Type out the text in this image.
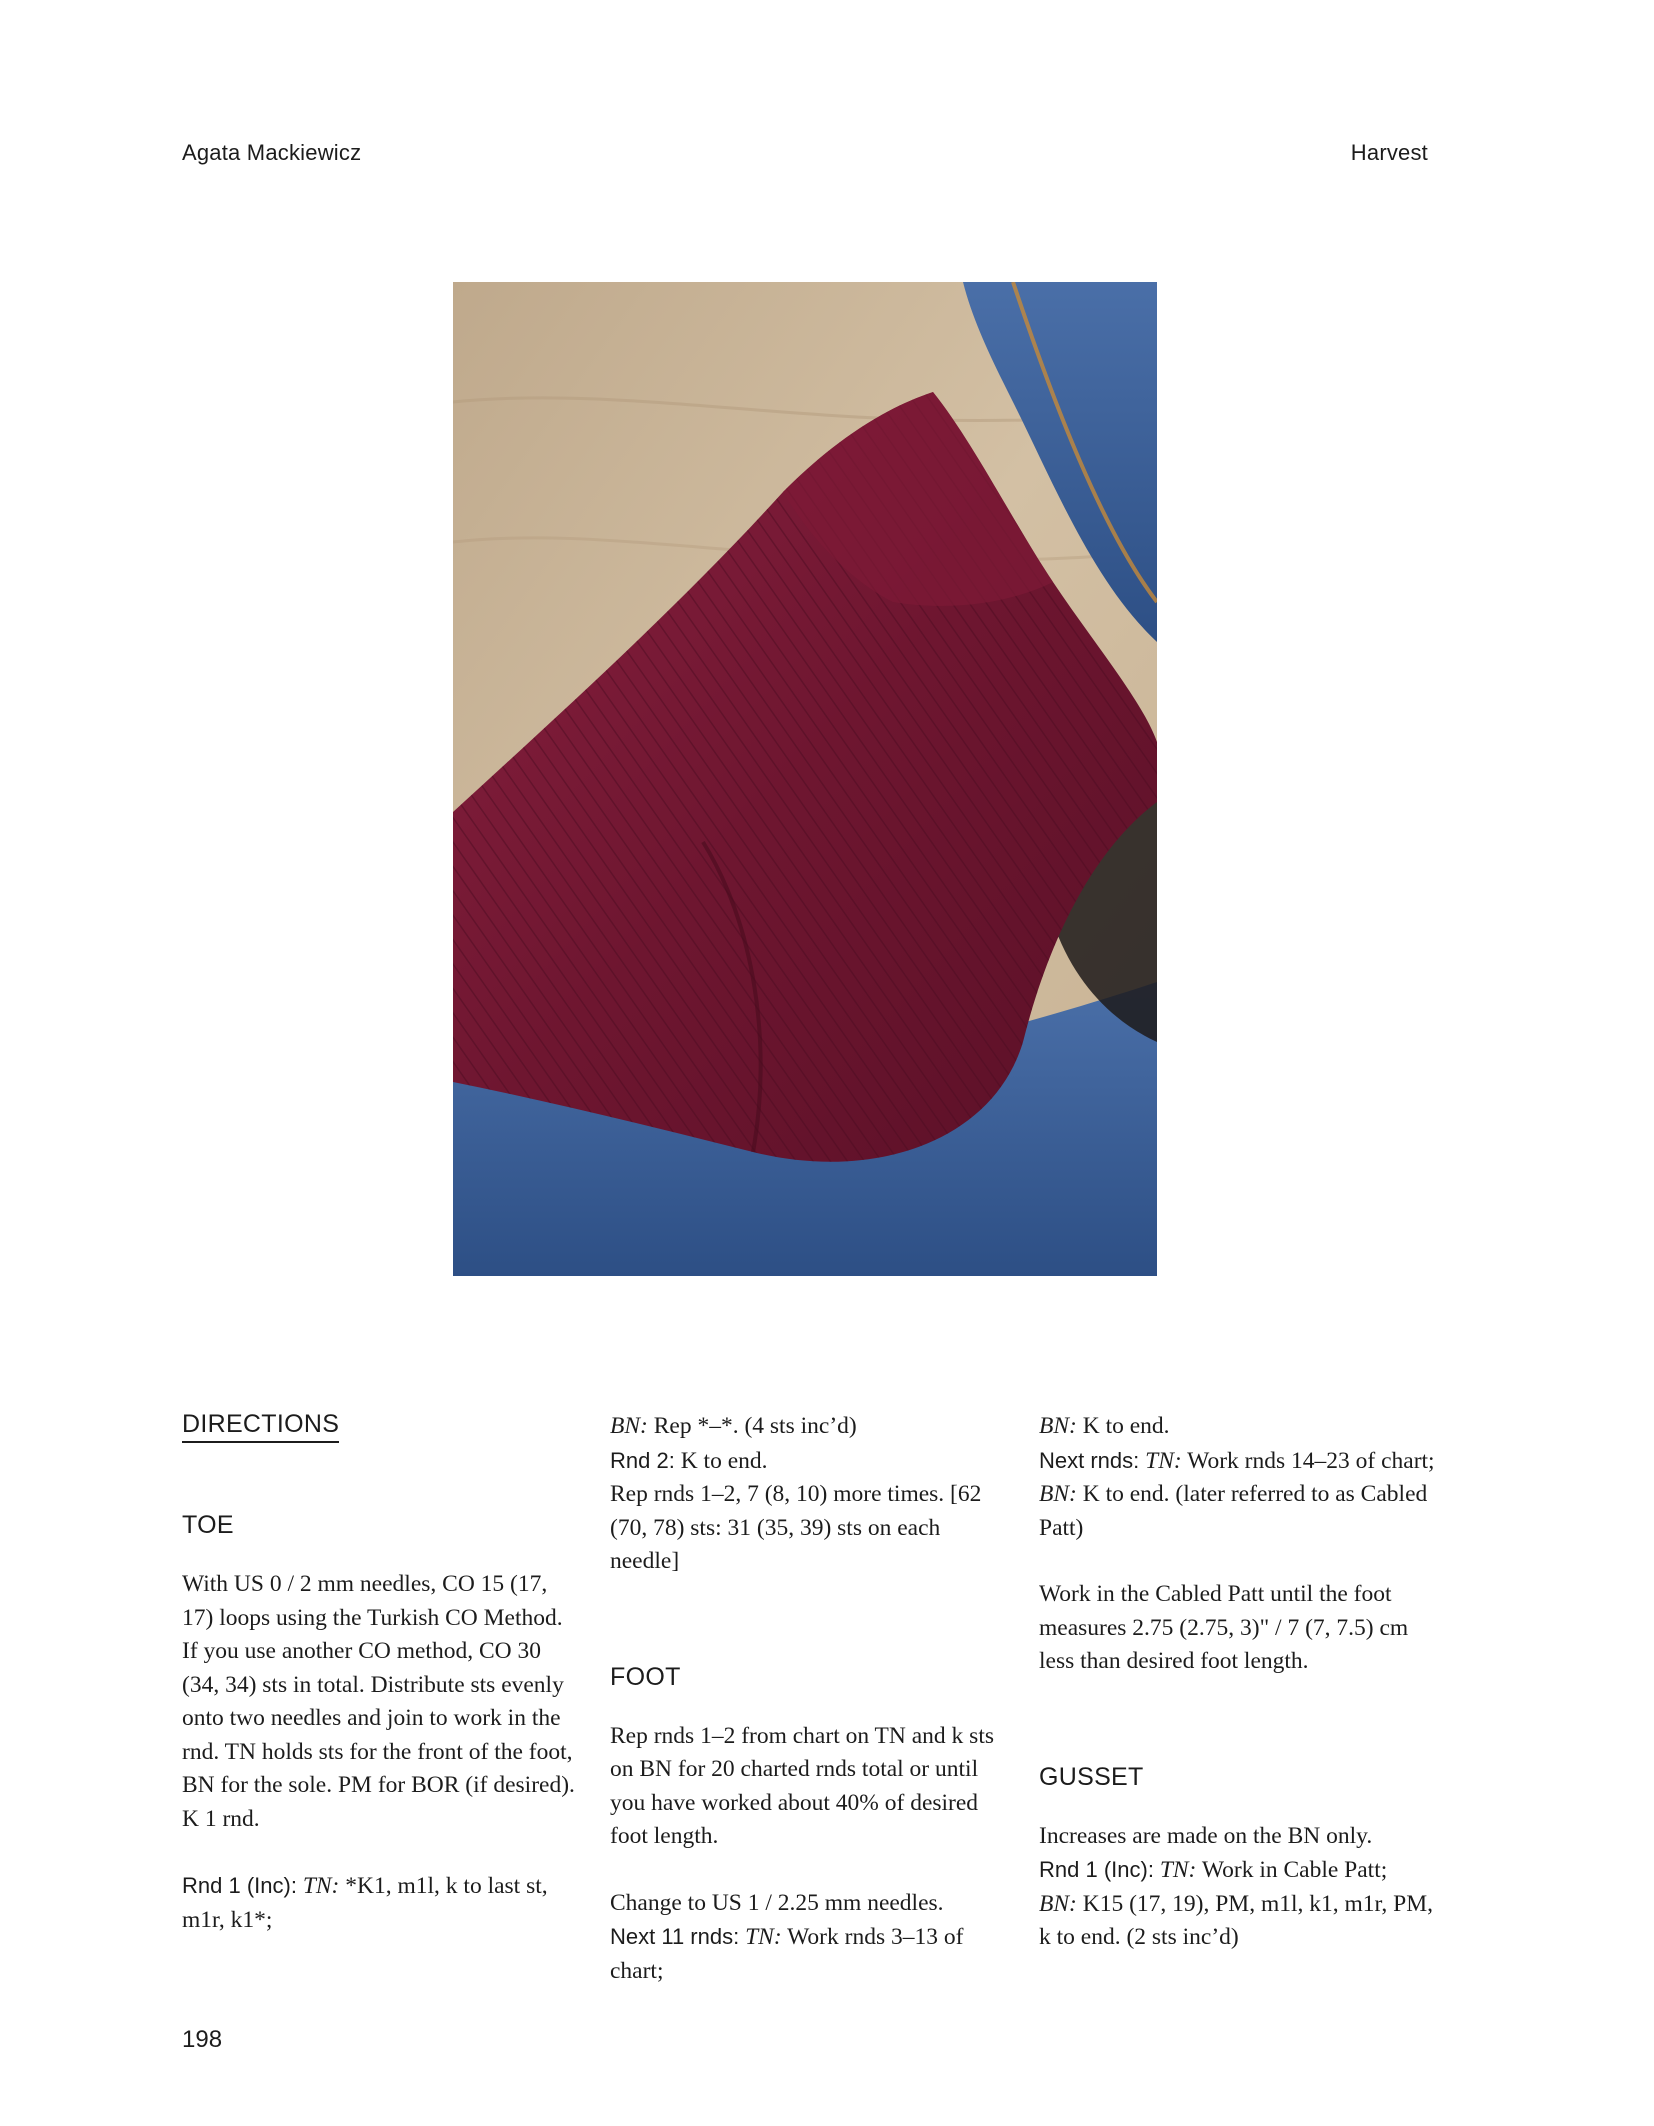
Agata Mackiewicz	Harvest
DIRECTIONS
TOE

With US 0 / 2 mm needles, CO 15 (17, 17) loops using the Turkish CO Method. If you use another CO method, CO 30 (34, 34) sts in total. Distribute sts evenly onto two needles and join to work in the rnd. TN holds sts for the front of the foot, BN for the sole. PM for BOR (if desired).

K 1 rnd.

Rnd 1 (Inc): TN: *K1, m1l, k to last st, m1r, k1*;

BN: Rep *–*. (4 sts inc’d)

Rnd 2: K to end.

Rep rnds 1–2, 7 (8, 10) more times. [62 (70, 78) sts: 31 (35, 39) sts on each needle]

FOOT

Rep rnds 1–2 from chart on TN and k sts on BN for 20 charted rnds total or until you have worked about 40% of desired foot length.

Change to US 1 / 2.25 mm needles.

Next 11 rnds: TN: Work rnds 3–13 of chart;

BN: K to end.

Next rnds: TN: Work rnds 14–23 of chart;

BN: K to end. (later referred to as Cabled Patt)

Work in the Cabled Patt until the foot measures 2.75 (2.75, 3)" / 7 (7, 7.5) cm less than desired foot length.

GUSSET

Increases are made on the BN only.

Rnd 1 (Inc): TN: Work in Cable Patt;
BN: K15 (17, 19), PM, m1l, k1, m1r, PM, k to end. (2 sts inc’d)

198
